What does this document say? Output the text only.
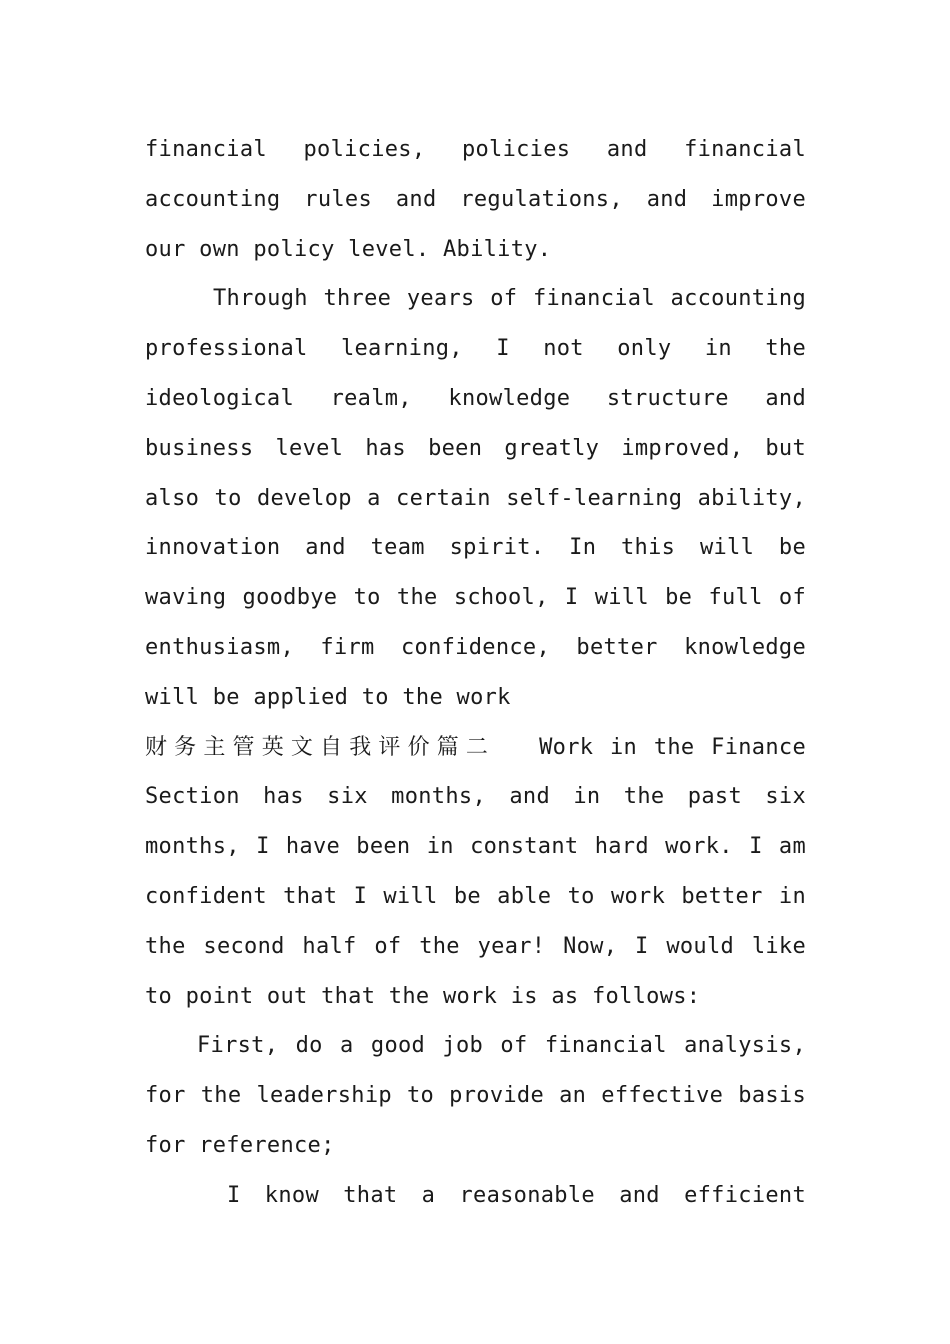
financial policies, policies and financial accounting rules and regulations, and improve our own policy level. Ability.

Through three years of financial accounting professional learning, I not only in the ideological realm, knowledge structure and business level has been greatly improved, but also to develop a certain self-learning ability, innovation and team spirit. In this will be waving goodbye to the school, I will be full of enthusiasm, firm confidence, better knowledge will be applied to the work

财务主管英文自我评价篇二 Work in the Finance Section has six months, and in the past six months, I have been in constant hard work. I am confident that I will be able to work better in the second half of the year! Now, I would like to point out that the work is as follows:

First, do a good job of financial analysis, for the leadership to provide an effective basis for reference;

I know that a reasonable and efficient
